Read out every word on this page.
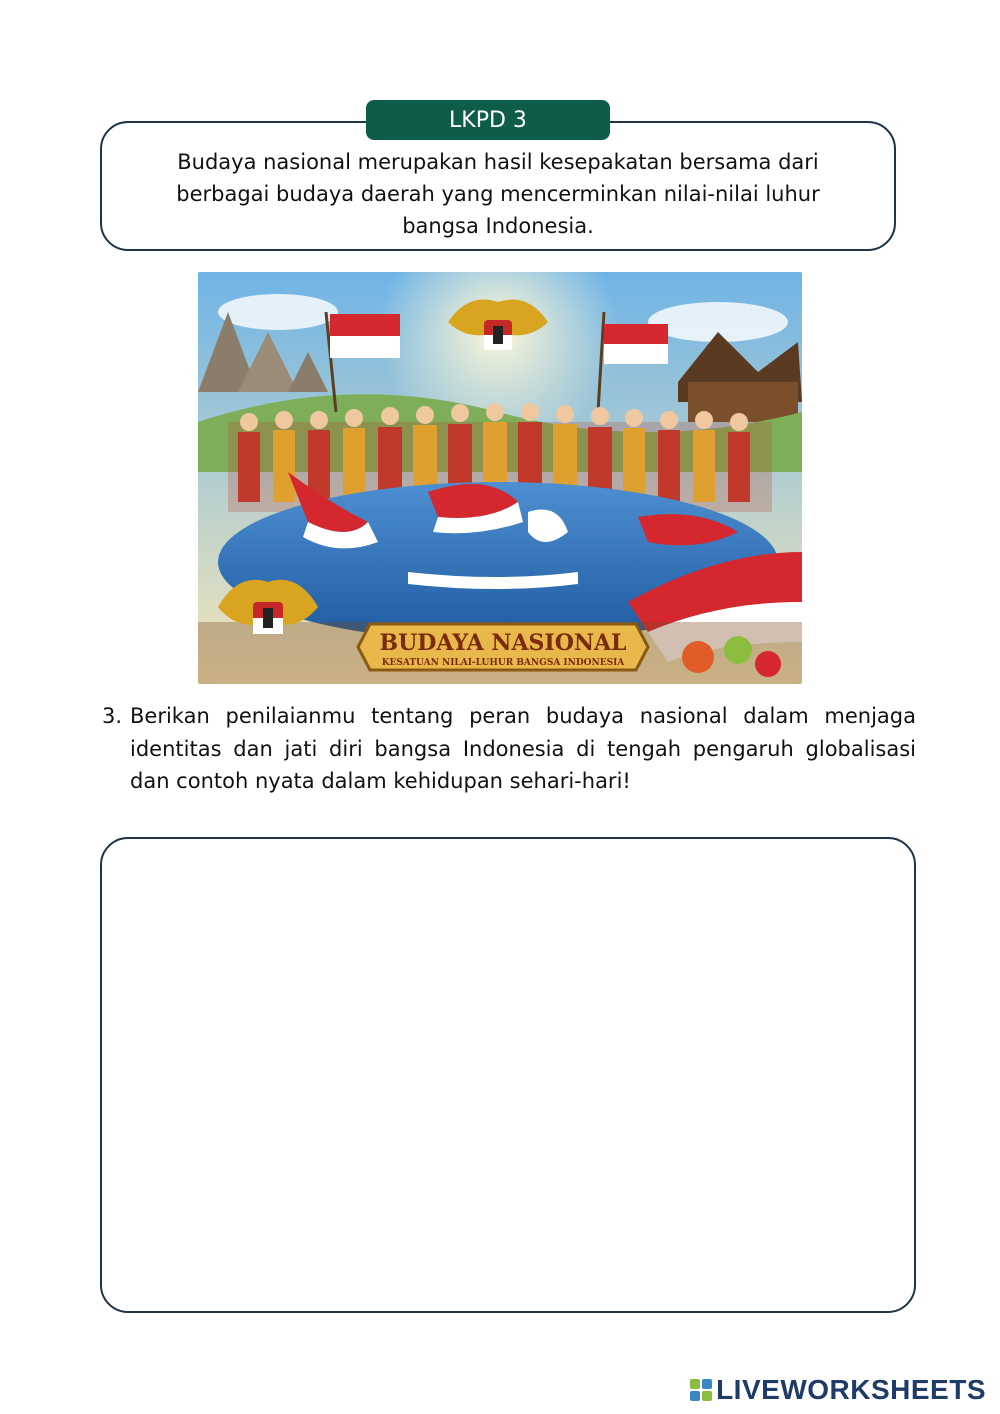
LKPD 3
Budaya nasional merupakan hasil kesepakatan bersama dari berbagai budaya daerah yang mencerminkan nilai-nilai luhur bangsa Indonesia.
BUDAYA NASIONAL
KESATUAN NILAI-LUHUR BANGSA INDONESIA
3. Berikan penilaianmu tentang peran budaya nasional dalam menjaga identitas dan jati diri bangsa Indonesia di tengah pengaruh globalisasi dan contoh nyata dalam kehidupan sehari-hari!
LIVEWORKSHEETS
